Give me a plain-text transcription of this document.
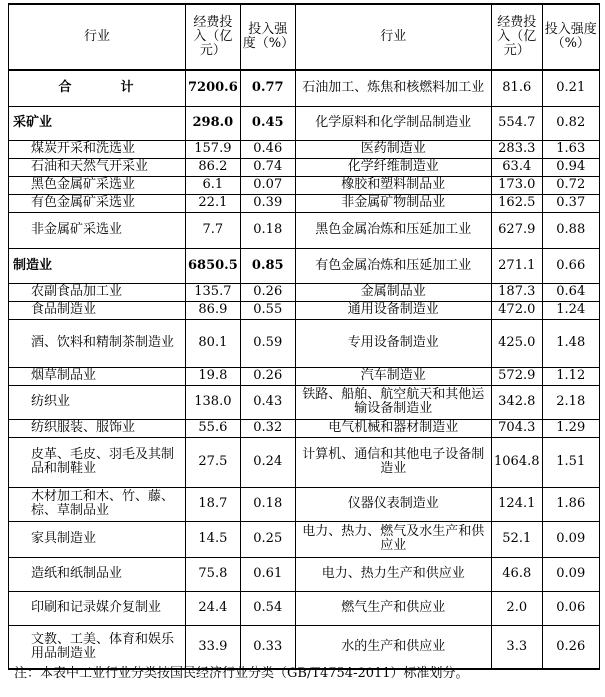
行业	经费投入（亿元）	投入强度（%）	行业	经费投入（亿元）	投入强度（%）
合　计	7200.6	0.77	石油加工、炼焦和核燃料加工业	81.6	0.21
采矿业	298.0	0.45	化学原料和化学制品制造业	554.7	0.82
煤炭开采和洗选业	157.9	0.46	医药制造业	283.3	1.63
石油和天然气开采业	86.2	0.74	化学纤维制造业	63.4	0.94
黑色金属矿采选业	6.1	0.07	橡胶和塑料制品业	173.0	0.72
有色金属矿采选业	22.1	0.39	非金属矿物制品业	162.5	0.37
非金属矿采选业	7.7	0.18	黑色金属冶炼和压延加工业	627.9	0.88
制造业	6850.5	0.85	有色金属冶炼和压延加工业	271.1	0.66
农副食品加工业	135.7	0.26	金属制品业	187.3	0.64
食品制造业	86.9	0.55	通用设备制造业	472.0	1.24
酒、饮料和精制茶制造业	80.1	0.59	专用设备制造业	425.0	1.48
烟草制品业	19.8	0.26	汽车制造业	572.9	1.12
纺织业	138.0	0.43	铁路、船舶、航空航天和其他运输设备制造业	342.8	2.18
纺织服装、服饰业	55.6	0.32	电气机械和器材制造业	704.3	1.29
皮革、毛皮、羽毛及其制品和制鞋业	27.5	0.24	计算机、通信和其他电子设备制造业	1064.8	1.51
木材加工和木、竹、藤、棕、草制品业	18.7	0.18	仪器仪表制造业	124.1	1.86
家具制造业	14.5	0.25	电力、热力、燃气及水生产和供应业	52.1	0.09
造纸和纸制品业	75.8	0.61	电力、热力生产和供应业	46.8	0.09
印刷和记录媒介复制业	24.4	0.54	燃气生产和供应业	2.0	0.06
文教、工美、体育和娱乐用品制造业	33.9	0.33	水的生产和供应业	3.3	0.26
注：本表中工业行业分类按国民经济行业分类（GB/T4754-2011）标准划分。
